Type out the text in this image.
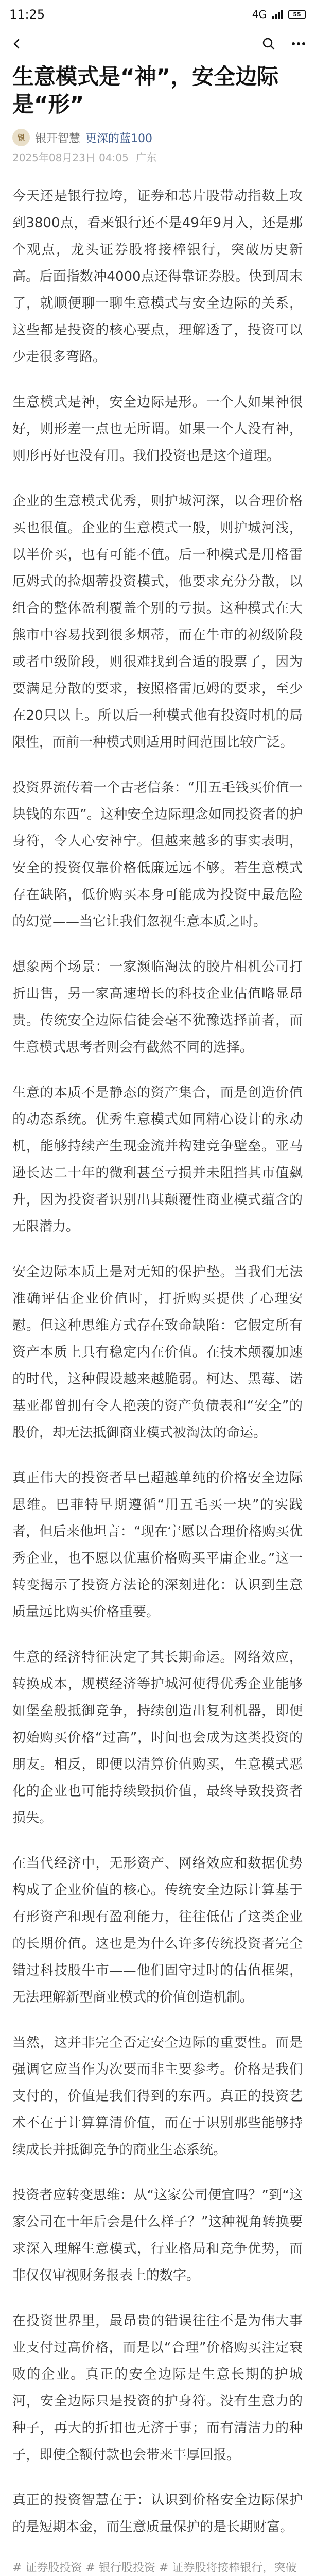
11:25	4G	55
生意模式是“神”，安全边际是“形”
银 银开智慧 更深的蓝100
2025年08月23日 04:05 广东

今天还是银行拉垮，证券和芯片股带动指数上攻到3800点，看来银行还不是49年9月入，还是那个观点，龙头证券股将接棒银行，突破历史新高。后面指数冲4000点还得靠证券股。快到周末了，就顺便聊一聊生意模式与安全边际的关系，这些都是投资的核心要点，理解透了，投资可以少走很多弯路。

生意模式是神，安全边际是形。一个人如果神很好，则形差一点也无所谓。如果一个人没有神，则形再好也没有用。我们投资也是这个道理。

企业的生意模式优秀，则护城河深，以合理价格买也很值。企业的生意模式一般，则护城河浅，以半价买，也有可能不值。后一种模式是用格雷厄姆式的捡烟蒂投资模式，他要求充分分散，以组合的整体盈利覆盖个别的亏损。这种模式在大熊市中容易找到很多烟蒂，而在牛市的初级阶段或者中级阶段，则很难找到合适的股票了，因为要满足分散的要求，按照格雷厄姆的要求，至少在20只以上。所以后一种模式他有投资时机的局限性，而前一种模式则适用时间范围比较广泛。

投资界流传着一个古老信条：“用五毛钱买价值一块钱的东西”。这种安全边际理念如同投资者的护身符，令人心安神宁。但越来越多的事实表明，安全的投资仅靠价格低廉远远不够。若生意模式存在缺陷，低价购买本身可能成为投资中最危险的幻觉——当它让我们忽视生意本质之时。

想象两个场景：一家濒临淘汰的胶片相机公司打折出售，另一家高速增长的科技企业估值略显昂贵。传统安全边际信徒会毫不犹豫选择前者，而生意模式思考者则会有截然不同的选择。

生意的本质不是静态的资产集合，而是创造价值的动态系统。优秀生意模式如同精心设计的永动机，能够持续产生现金流并构建竞争壁垒。亚马逊长达二十年的微利甚至亏损并未阻挡其市值飙升，因为投资者识别出其颠覆性商业模式蕴含的无限潜力。

安全边际本质上是对无知的保护垫。当我们无法准确评估企业价值时，打折购买提供了心理安慰。但这种思维方式存在致命缺陷：它假定所有资产本质上具有稳定内在价值。在技术颠覆加速的时代，这种假设越来越脆弱。柯达、黑莓、诺基亚都曾拥有令人艳羡的资产负债表和“安全”的股价，却无法抵御商业模式被淘汰的命运。

真正伟大的投资者早已超越单纯的价格安全边际思维。巴菲特早期遵循“用五毛买一块”的实践者，但后来他坦言：“现在宁愿以合理价格购买优秀企业，也不愿以优惠价格购买平庸企业。”这一转变揭示了投资方法论的深刻进化：认识到生意质量远比购买价格重要。

生意的经济特征决定了其长期命运。网络效应，转换成本，规模经济等护城河使得优秀企业能够如堡垒般抵御竞争，持续创造出复利机器，即便初始购买价格“过高”，时间也会成为这类投资的朋友。相反，即便以清算价值购买，生意模式恶化的企业也可能持续毁损价值，最终导致投资者损失。

在当代经济中，无形资产、网络效应和数据优势构成了企业价值的核心。传统安全边际计算基于有形资产和现有盈利能力，往往低估了这类企业的长期价值。这也是为什么许多传统投资者完全错过科技股牛市——他们固守过时的估值框架，无法理解新型商业模式的价值创造机制。

当然，这并非完全否定安全边际的重要性。而是强调它应当作为次要而非主要参考。价格是我们支付的，价值是我们得到的东西。真正的投资艺术不在于计算算清价值，而在于识别那些能够持续成长并抵御竞争的商业生态系统。

投资者应转变思维：从“这家公司便宜吗？”到“这家公司在十年后会是什么样子？”这种视角转换要求深入理解生意模式，行业格局和竞争优势，而非仅仅审视财务报表上的数字。

在投资世界里，最昂贵的错误往往不是为伟大事业支付过高价格，而是以“合理”价格购买注定衰败的企业。真正的安全边际是生意长期的护城河，安全边际只是投资的护身符。没有生意力的种子，再大的折扣也无济于事；而有清洁力的种子，即使全额付款也会带来丰厚回报。

真正的投资智慧在于：认识到价格安全边际保护的是短期本金，而生意质量保护的是长期财富。

# 证券股投资 # 银行股投资 # 证券股将接棒银行，突破
